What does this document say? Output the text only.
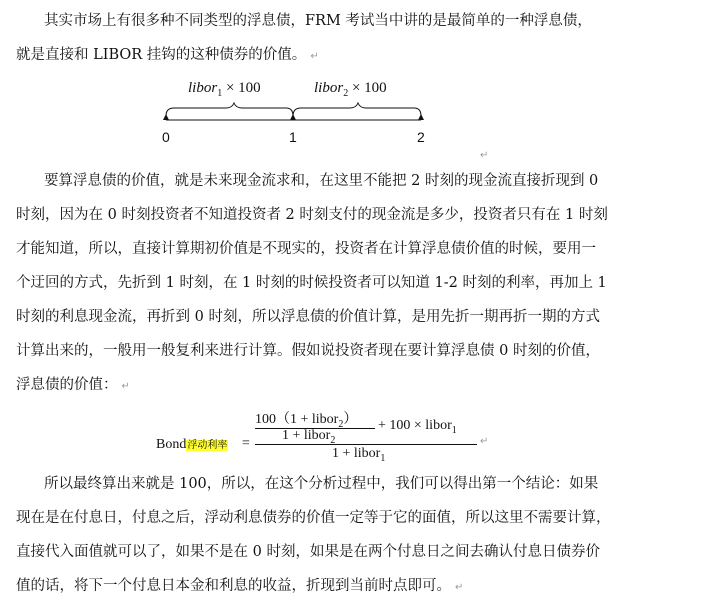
其实市场上有很多种不同类型的浮息债，FRM 考试当中讲的是最简单的一种浮息债，
就是直接和 LIBOR 挂钩的这种债券的价值。 ↵
libor$_1$ × 100	libor$_2$ × 100
0	1	2
↵
要算浮息债的价值，就是未来现金流求和，在这里不能把 2 时刻的现金流直接折现到 0
时刻，因为在 0 时刻投资者不知道投资者 2 时刻支付的现金流是多少，投资者只有在 1 时刻
才能知道，所以，直接计算期初价值是不现实的，投资者在计算浮息债价值的时候，要用一
个迂回的方式，先折到 1 时刻，在 1 时刻的时候投资者可以知道 1-2 时刻的利率，再加上 1
时刻的利息现金流，再折到 0 时刻，所以浮息债的价值计算，是用先折一期再折一期的方式
计算出来的，一般用一般复利来进行计算。假如说投资者现在要计算浮息债 0 时刻的价值，
浮息债的价值： ↵
Bond浮动利率 =
100（1 + libor$_2$）
1 + libor$_2$
+ 100 × libor$_1$
1 + libor$_1$
↵
所以最终算出来就是 100，所以，在这个分析过程中，我们可以得出第一个结论：如果
现在是在付息日，付息之后，浮动利息债券的价值一定等于它的面值，所以这里不需要计算，
直接代入面值就可以了，如果不是在 0 时刻，如果是在两个付息日之间去确认付息日债券价
值的话，将下一个付息日本金和利息的收益，折现到当前时点即可。 ↵
